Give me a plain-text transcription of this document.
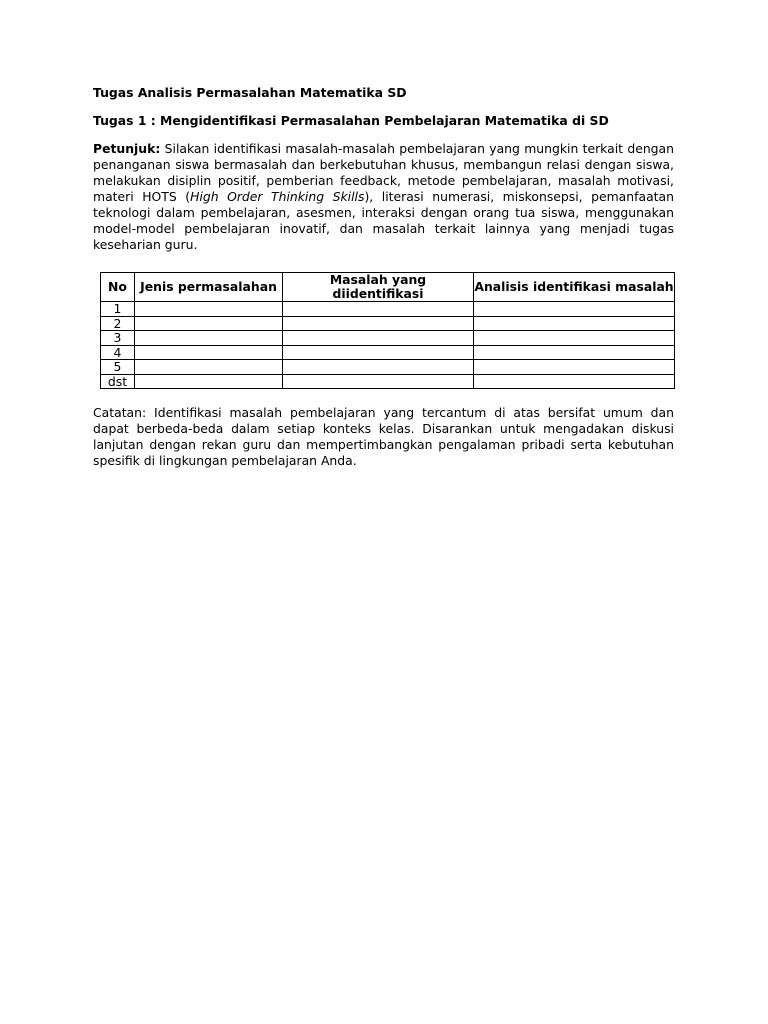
Tugas Analisis Permasalahan Matematika SD

Tugas 1 : Mengidentifikasi Permasalahan Pembelajaran Matematika di SD

Petunjuk: Silakan identifikasi masalah-masalah pembelajaran yang mungkin terkait dengan penanganan siswa bermasalah dan berkebutuhan khusus, membangun relasi dengan siswa, melakukan disiplin positif, pemberian feedback, metode pembelajaran, masalah motivasi, materi HOTS (High Order Thinking Skills), literasi numerasi, miskonsepsi, pemanfaatan teknologi dalam pembelajaran, asesmen, interaksi dengan orang tua siswa, menggunakan model-model pembelajaran inovatif, dan masalah terkait lainnya yang menjadi tugas keseharian guru.

No	Jenis permasalahan	Masalah yang diidentifikasi	Analisis identifikasi masalah
1			
2			
3			
4			
5			
dst			

Catatan: Identifikasi masalah pembelajaran yang tercantum di atas bersifat umum dan dapat berbeda-beda dalam setiap konteks kelas. Disarankan untuk mengadakan diskusi lanjutan dengan rekan guru dan mempertimbangkan pengalaman pribadi serta kebutuhan spesifik di lingkungan pembelajaran Anda.
